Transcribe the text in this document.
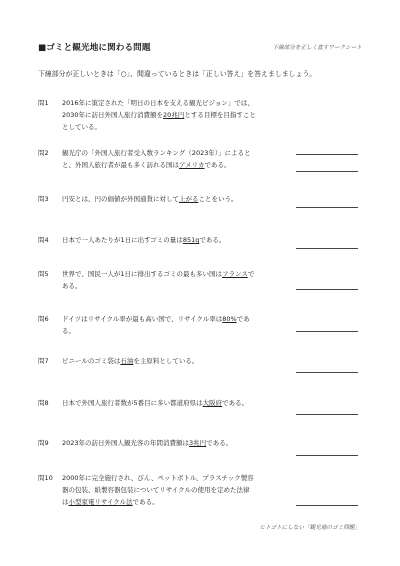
■ゴミと観光地に関わる問題	下線部分を正しく直すワークシート
下線部分が正しいときは「○」、間違っているときは「正しい答え」を答えましましょう。
問1	2016年に策定された「明日の日本を支える観光ビジョン」では、
2030年に訪日外国人旅行消費額を20兆円とする目標を目指すこと
としている。
問2	観光庁の「外国人旅行者受入数ランキング（2023年）」によると
と、外国人旅行者が最も多く訪れる国はアメリカである。
問3	円安とは、円の価値が外国通貨に対して上がることをいう。
問4	日本で一人あたりが1日に出すゴミの量は851gである。
問5	世界で、国民一人が1日に排出するゴミの最も多い国はフランスで
ある。
問6	ドイツはリサイクル率が最も高い国で、リサイクル率は80%であ
る。
問7	ビニールのゴミ袋は石油を主原料としている。
問8	日本で外国人旅行者数が5番目に多い都道府県は大阪府である。
問9	2023年の訪日外国人観光客の年間消費額は3兆円である。
問10	2000年に完全施行され、びん、ペットボトル、プラスチック製容
器の包装、紙製容器包装についてリサイクルの使用を定めた法律
は小型家電リサイクル法である。
ヒトゴトにしない「観光地のゴミ問題」
